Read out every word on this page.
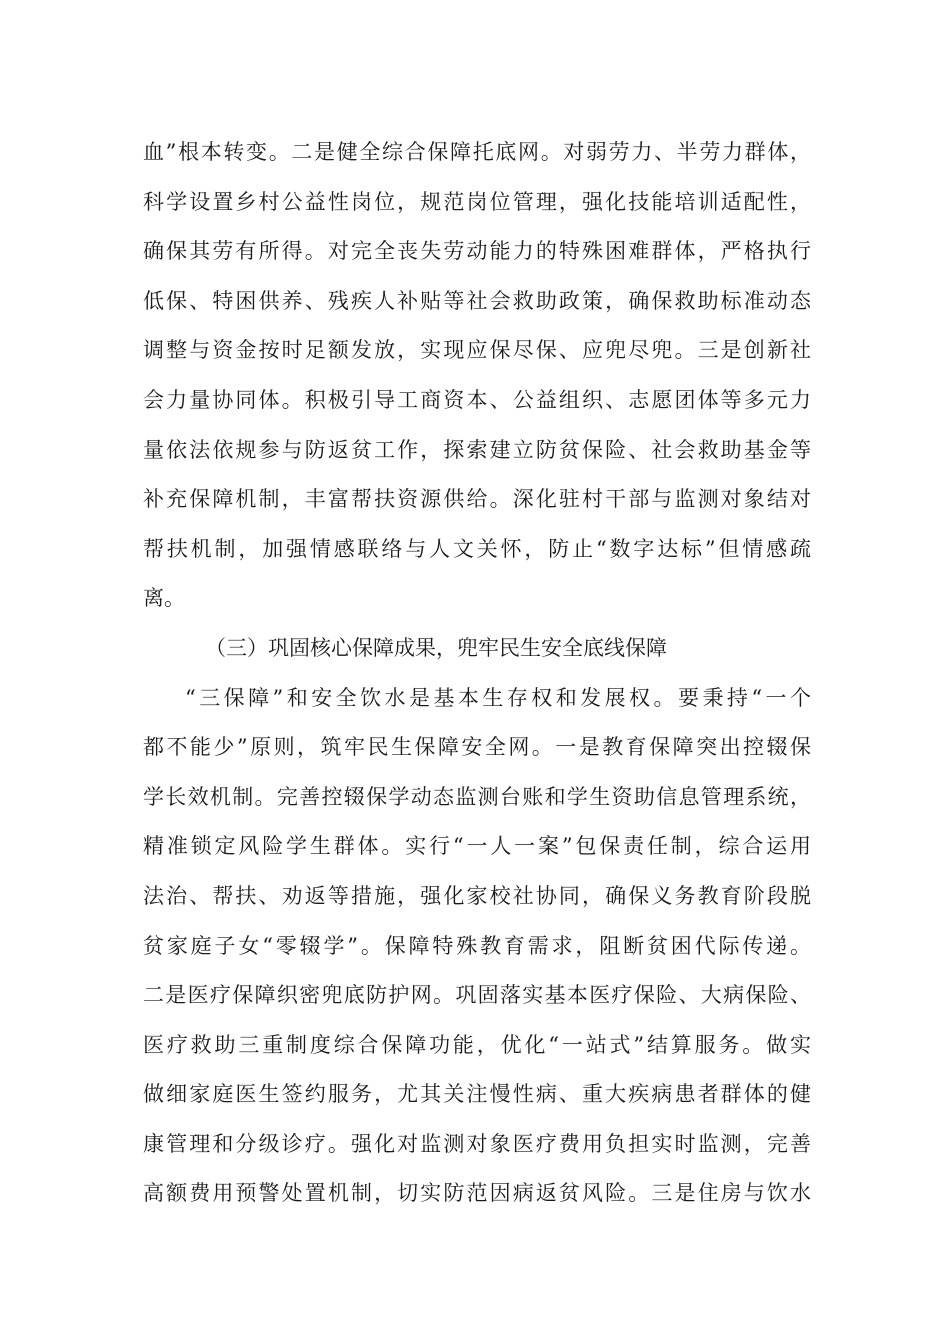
血”根本转变。二是健全综合保障托底网。对弱劳力、半劳力群体，
科学设置乡村公益性岗位，规范岗位管理，强化技能培训适配性，
确保其劳有所得。对完全丧失劳动能力的特殊困难群体，严格执行
低保、特困供养、残疾人补贴等社会救助政策，确保救助标准动态
调整与资金按时足额发放，实现应保尽保、应兜尽兜。三是创新社
会力量协同体。积极引导工商资本、公益组织、志愿团体等多元力
量依法依规参与防返贫工作，探索建立防贫保险、社会救助基金等
补充保障机制，丰富帮扶资源供给。深化驻村干部与监测对象结对
帮扶机制，加强情感联络与人文关怀，防止“数字达标”但情感疏
离。
（三）巩固核心保障成果，兜牢民生安全底线保障
“三保障”和安全饮水是基本生存权和发展权。要秉持“一个
都不能少”原则，筑牢民生保障安全网。一是教育保障突出控辍保
学长效机制。完善控辍保学动态监测台账和学生资助信息管理系统，
精准锁定风险学生群体。实行“一人一案”包保责任制，综合运用
法治、帮扶、劝返等措施，强化家校社协同，确保义务教育阶段脱
贫家庭子女“零辍学”。保障特殊教育需求，阻断贫困代际传递。
二是医疗保障织密兜底防护网。巩固落实基本医疗保险、大病保险、
医疗救助三重制度综合保障功能，优化“一站式”结算服务。做实
做细家庭医生签约服务，尤其关注慢性病、重大疾病患者群体的健
康管理和分级诊疗。强化对监测对象医疗费用负担实时监测，完善
高额费用预警处置机制，切实防范因病返贫风险。三是住房与饮水
